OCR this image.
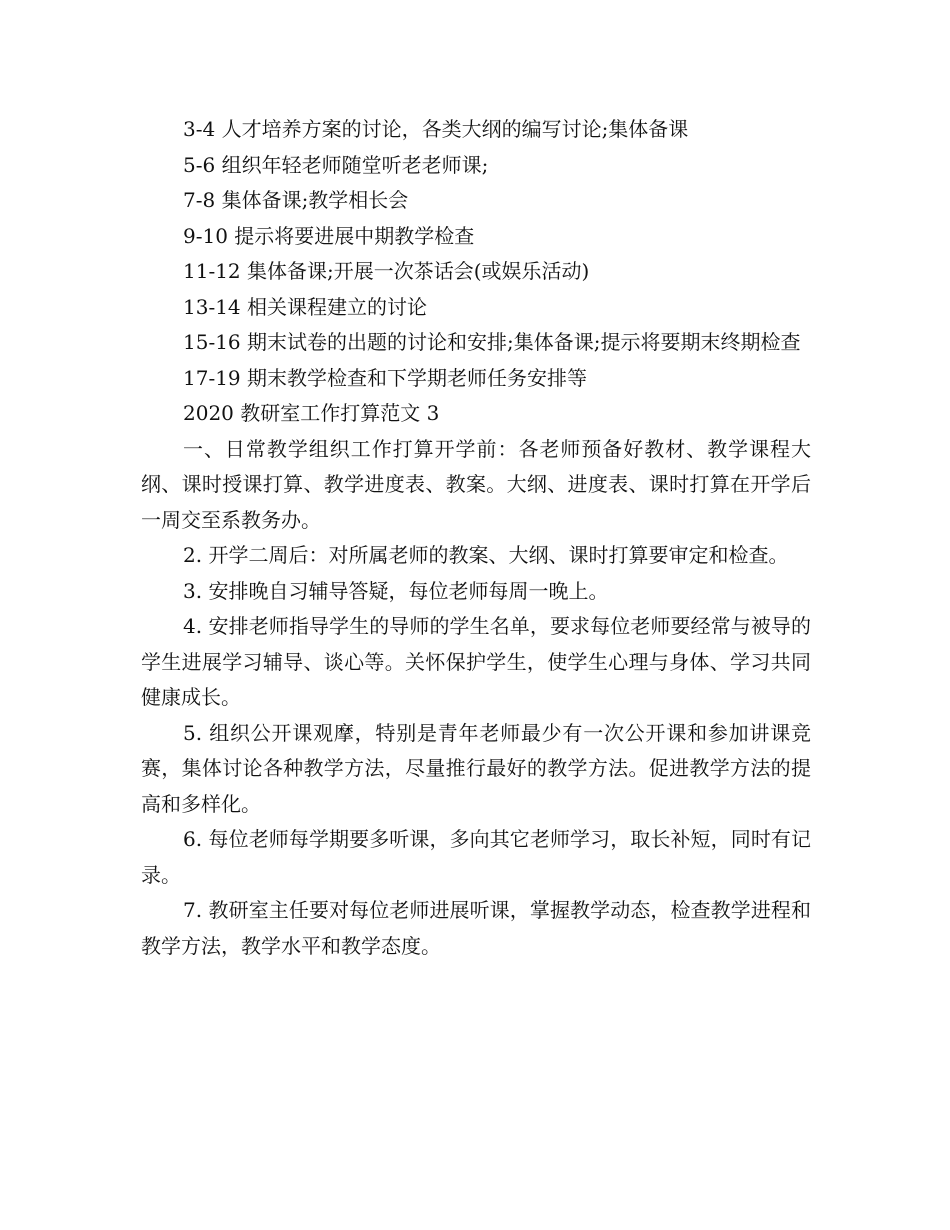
3-4 人才培养方案的讨论，各类大纲的编写讨论;集体备课

5-6 组织年轻老师随堂听老老师课;

7-8 集体备课;教学相长会

9-10 提示将要进展中期教学检查

11-12 集体备课;开展一次茶话会(或娱乐活动)

13-14 相关课程建立的讨论

15-16 期末试卷的出题的讨论和安排;集体备课;提示将要期末终期检查

17-19 期末教学检查和下学期老师任务安排等

2020 教研室工作打算范文 3

一、日常教学组织工作打算开学前：各老师预备好教材、教学课程大纲、课时授课打算、教学进度表、教案。大纲、进度表、课时打算在开学后一周交至系教务办。

2. 开学二周后：对所属老师的教案、大纲、课时打算要审定和检查。

3. 安排晚自习辅导答疑，每位老师每周一晚上。

4. 安排老师指导学生的导师的学生名单，要求每位老师要经常与被导的学生进展学习辅导、谈心等。关怀保护学生，使学生心理与身体、学习共同健康成长。

5. 组织公开课观摩，特别是青年老师最少有一次公开课和参加讲课竞赛，集体讨论各种教学方法，尽量推行最好的教学方法。促进教学方法的提高和多样化。

6. 每位老师每学期要多听课，多向其它老师学习，取长补短，同时有记录。

7. 教研室主任要对每位老师进展听课，掌握教学动态，检查教学进程和教学方法，教学水平和教学态度。
